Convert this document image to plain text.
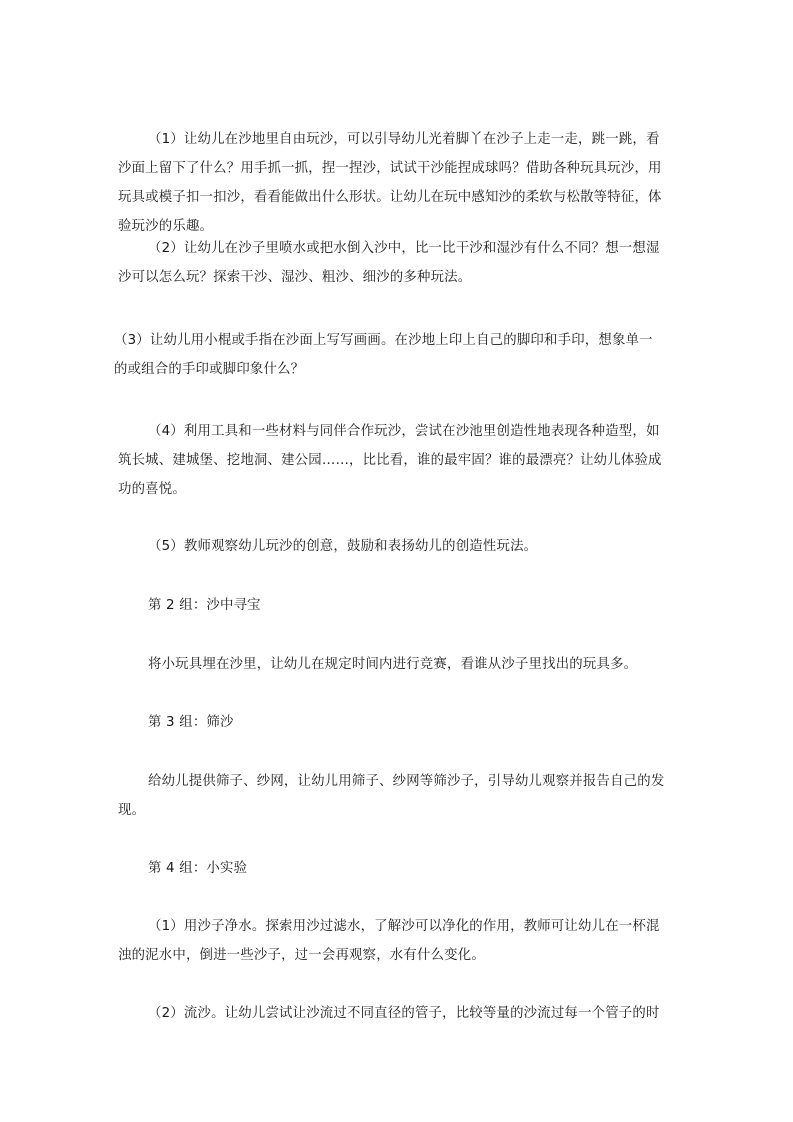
（1）让幼儿在沙地里自由玩沙，可以引导幼儿光着脚丫在沙子上走一走，跳一跳，看
沙面上留下了什么？用手抓一抓，捏一捏沙，试试干沙能捏成球吗？借助各种玩具玩沙，用
玩具或模子扣一扣沙，看看能做出什么形状。让幼儿在玩中感知沙的柔软与松散等特征，体
验玩沙的乐趣。

（2）让幼儿在沙子里喷水或把水倒入沙中，比一比干沙和湿沙有什么不同？想一想湿
沙可以怎么玩？探索干沙、湿沙、粗沙、细沙的多种玩法。

（3）让幼儿用小棍或手指在沙面上写写画画。在沙地上印上自己的脚印和手印，想象单一
的或组合的手印或脚印象什么？

（4）利用工具和一些材料与同伴合作玩沙，尝试在沙池里创造性地表现各种造型，如
筑长城、建城堡、挖地洞、建公园……，比比看，谁的最牢固？谁的最漂亮？让幼儿体验成
功的喜悦。

（5）教师观察幼儿玩沙的创意，鼓励和表扬幼儿的创造性玩法。

第 2 组：沙中寻宝

将小玩具埋在沙里，让幼儿在规定时间内进行竞赛，看谁从沙子里找出的玩具多。

第 3 组：筛沙

给幼儿提供筛子、纱网，让幼儿用筛子、纱网等筛沙子，引导幼儿观察并报告自己的发
现。

第 4 组：小实验

（1）用沙子净水。探索用沙过滤水，了解沙可以净化的作用，教师可让幼儿在一杯混
浊的泥水中，倒进一些沙子，过一会再观察，水有什么变化。

（2）流沙。让幼儿尝试让沙流过不同直径的管子，比较等量的沙流过每一个管子的时
